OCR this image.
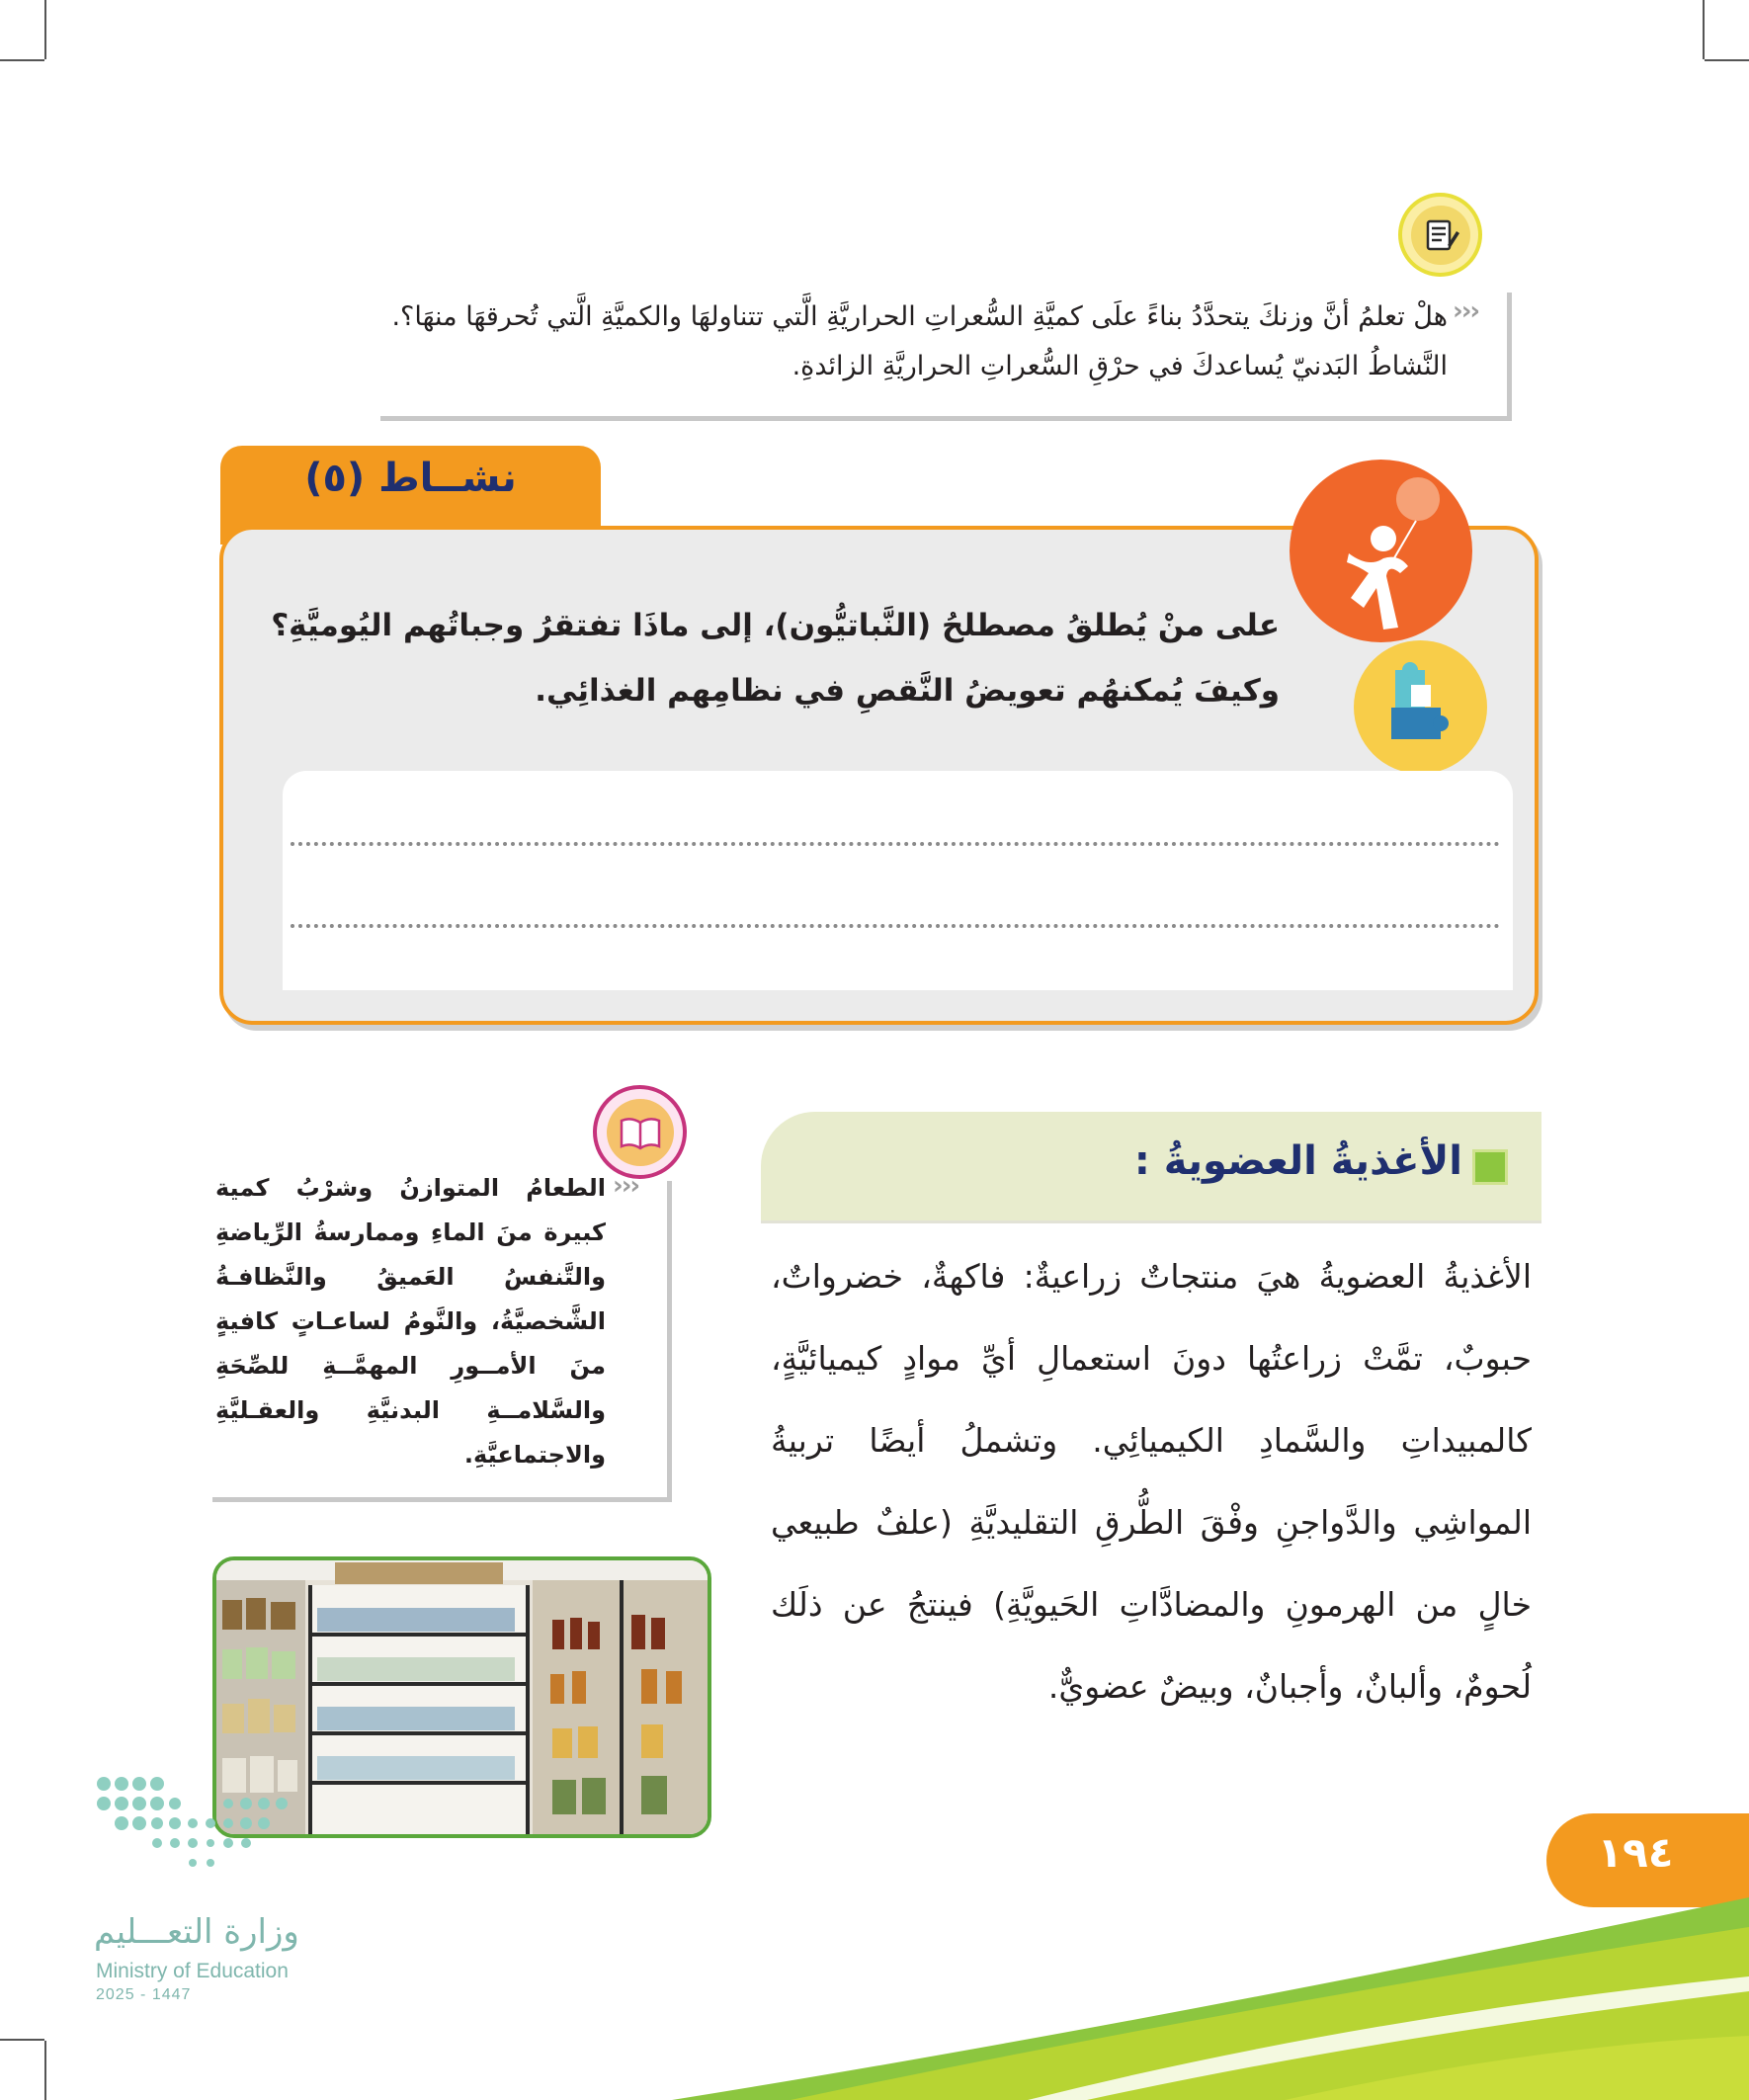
›››
هلْ تعلمُ أنَّ وزنكَ يتحدَّدُ بناءً علَى كميَّةِ السُّعراتِ الحراريَّةِ الَّتي تتناولهَا والكميَّةِ الَّتي تُحرقهَا منهَا؟. النَّشاطُ البَدنيّ يُساعدكَ في حرْقِ السُّعراتِ الحراريَّةِ الزائدةِ.
نشــاط (٥)
على منْ يُطلقُ مصطلحُ (النَّباتيُّون)، إلى ماذَا تفتقرُ وجباتُهم اليُوميَّةِ؟ وكيفَ يُمكنهُم تعويضُ النَّقصِ في نظامِهم الغذائِي.
›››
الطعامُ المتوازنُ وشرْبُ كمية كبيرة منَ الماءِ وممارسةُ الرِّياضةِ والتَّنفسُ العَميقُ والنَّظافـةُ الشَّخصيَّةُ، والنَّومُ لساعـاتٍ كافيةٍ منَ الأمــورِ المهمَّــةِ للصِّحَةِ والسَّلامــةِ البدنيَّةِ والعقـليَّةِ والاجتماعيَّةِ.
الأغذيةُ العضويةُ :
الأغذيةُ العضويةُ هيَ منتجاتٌ زراعيةٌ: فاكهةٌ، خضرواتٌ، حبوبٌ، تمَّتْ زراعتُها دونَ استعمالِ أيِّ موادٍ كيميائيَّةٍ، كالمبيداتِ والسَّمادِ الكيميائِي. وتشملُ أيضًا تربيةُ المواشِي والدَّواجنِ وفْقَ الطُّرقِ التقليديَّةِ (علفٌ طبيعي خالٍ من الهرمونِ والمضادَّاتِ الحَيويَّةِ) فينتجُ عن ذلَك لُحومٌ، وألبانٌ، وأجبانٌ، وبيضٌ عضويٌّ.
١٩٤
وزارة التعـــليم
Ministry of Education
2025 - 1447
